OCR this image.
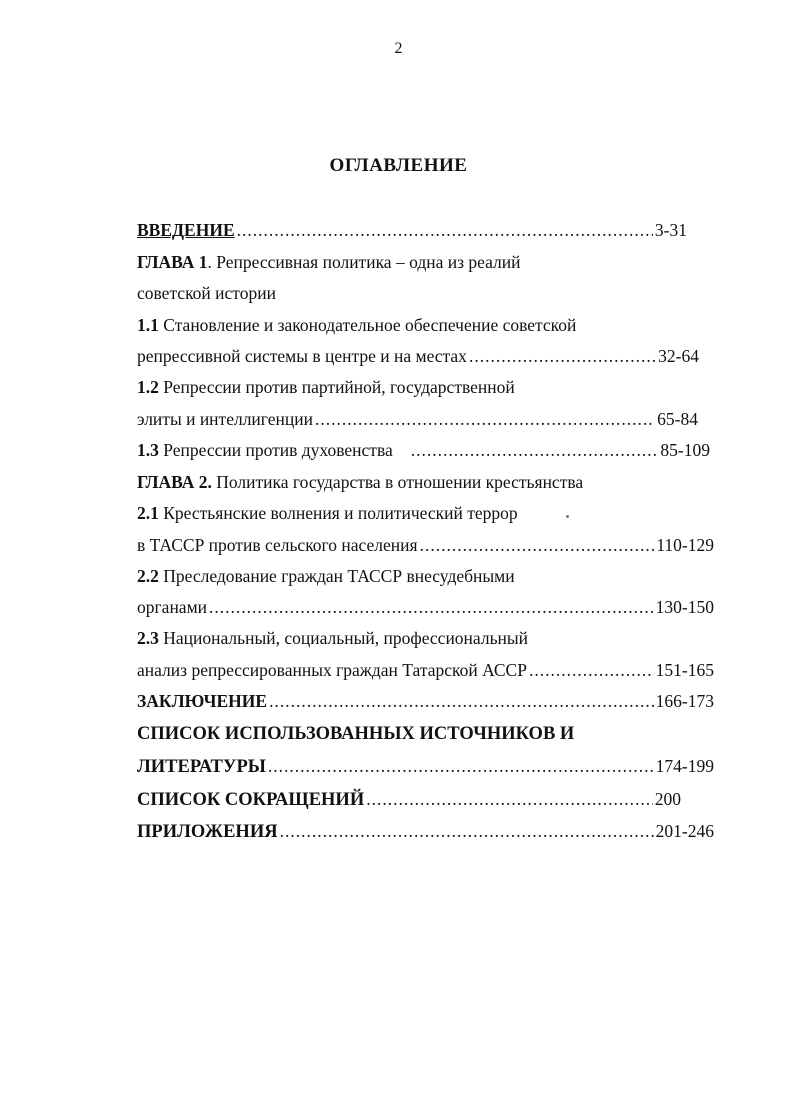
2
ОГЛАВЛЕНИЕ
ВВЕДЕНИЕ .....	3-31
ГЛАВА 1. Репрессивная политика – одна из реалий
советской истории
1.1 Становление и законодательное обеспечение советской
репрессивной системы в центре и на местах .....	32-64
1.2 Репрессии против партийной, государственной
элиты и интеллигенции .....	65-84
1.3 Репрессии против духовенства .....	85-109
ГЛАВА 2. Политика государства в отношении крестьянства
2.1 Крестьянские волнения и политический террор
в ТАССР против сельского населения .....	110-129
2.2 Преследование граждан ТАССР внесудебными
органами .....	130-150
2.3 Национальный, социальный, профессиональный
анализ репрессированных граждан Татарской АССР .....	151-165
ЗАКЛЮЧЕНИЕ .....	166-173
СПИСОК ИСПОЛЬЗОВАННЫХ ИСТОЧНИКОВ И
ЛИТЕРАТУРЫ .....	174-199
СПИСОК СОКРАЩЕНИЙ .....	200
ПРИЛОЖЕНИЯ .....	201-246
